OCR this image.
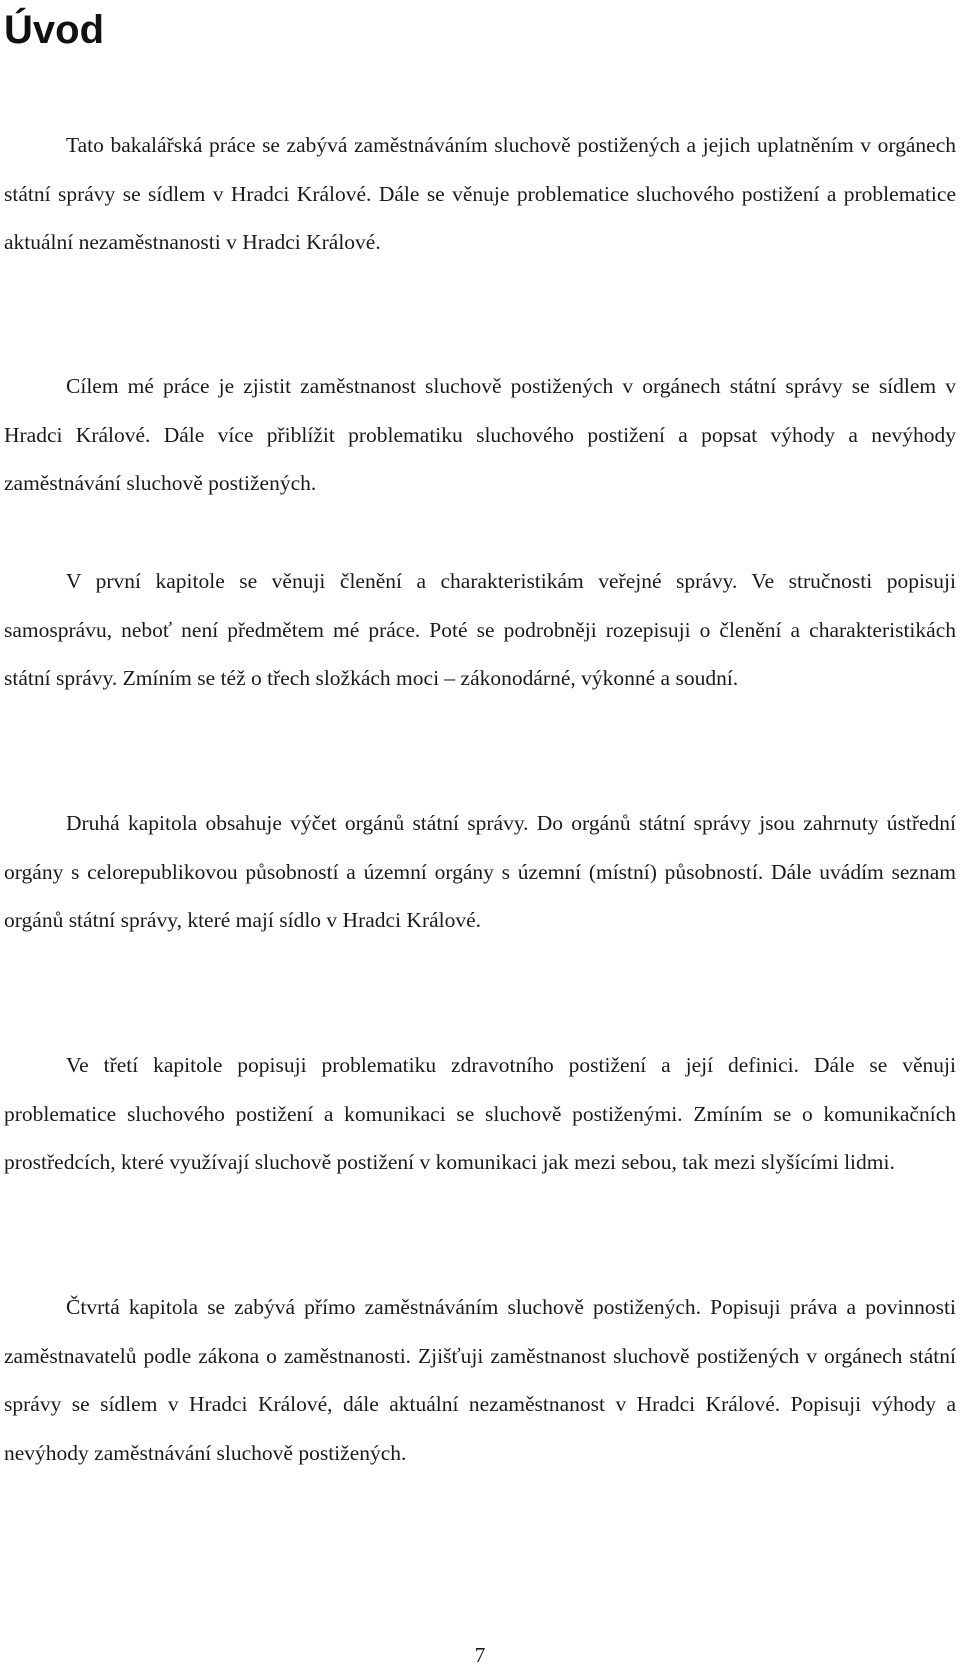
Úvod

Tato bakalářská práce se zabývá zaměstnáváním sluchově postižených a jejich uplatněním v orgánech státní správy se sídlem v Hradci Králové. Dále se věnuje problematice sluchového postižení a problematice aktuální nezaměstnanosti v Hradci Králové.

Cílem mé práce je zjistit zaměstnanost sluchově postižených v orgánech státní správy se sídlem v Hradci Králové. Dále více přiblížit problematiku sluchového postižení a popsat výhody a nevýhody zaměstnávání sluchově postižených.

V první kapitole se věnuji členění a charakteristikám veřejné správy. Ve stručnosti popisuji samosprávu, neboť není předmětem mé práce. Poté se podrobněji rozepisuji o členění a charakteristikách státní správy. Zmíním se též o třech složkách moci – zákonodárné, výkonné a soudní.

Druhá kapitola obsahuje výčet orgánů státní správy. Do orgánů státní správy jsou zahrnuty ústřední orgány s celorepublikovou působností a územní orgány s územní (místní) působností. Dále uvádím seznam orgánů státní správy, které mají sídlo v Hradci Králové.

Ve třetí kapitole popisuji problematiku zdravotního postižení a její definici. Dále se věnuji problematice sluchového postižení a komunikaci se sluchově postiženými. Zmíním se o komunikačních prostředcích, které využívají sluchově postižení v komunikaci jak mezi sebou, tak mezi slyšícími lidmi.

Čtvrtá kapitola se zabývá přímo zaměstnáváním sluchově postižených. Popisuji práva a povinnosti zaměstnavatelů podle zákona o zaměstnanosti. Zjišťuji zaměstnanost sluchově postižených v orgánech státní správy se sídlem v Hradci Králové, dále aktuální nezaměstnanost v Hradci Králové. Popisuji výhody a nevýhody zaměstnávání sluchově postižených.

7
